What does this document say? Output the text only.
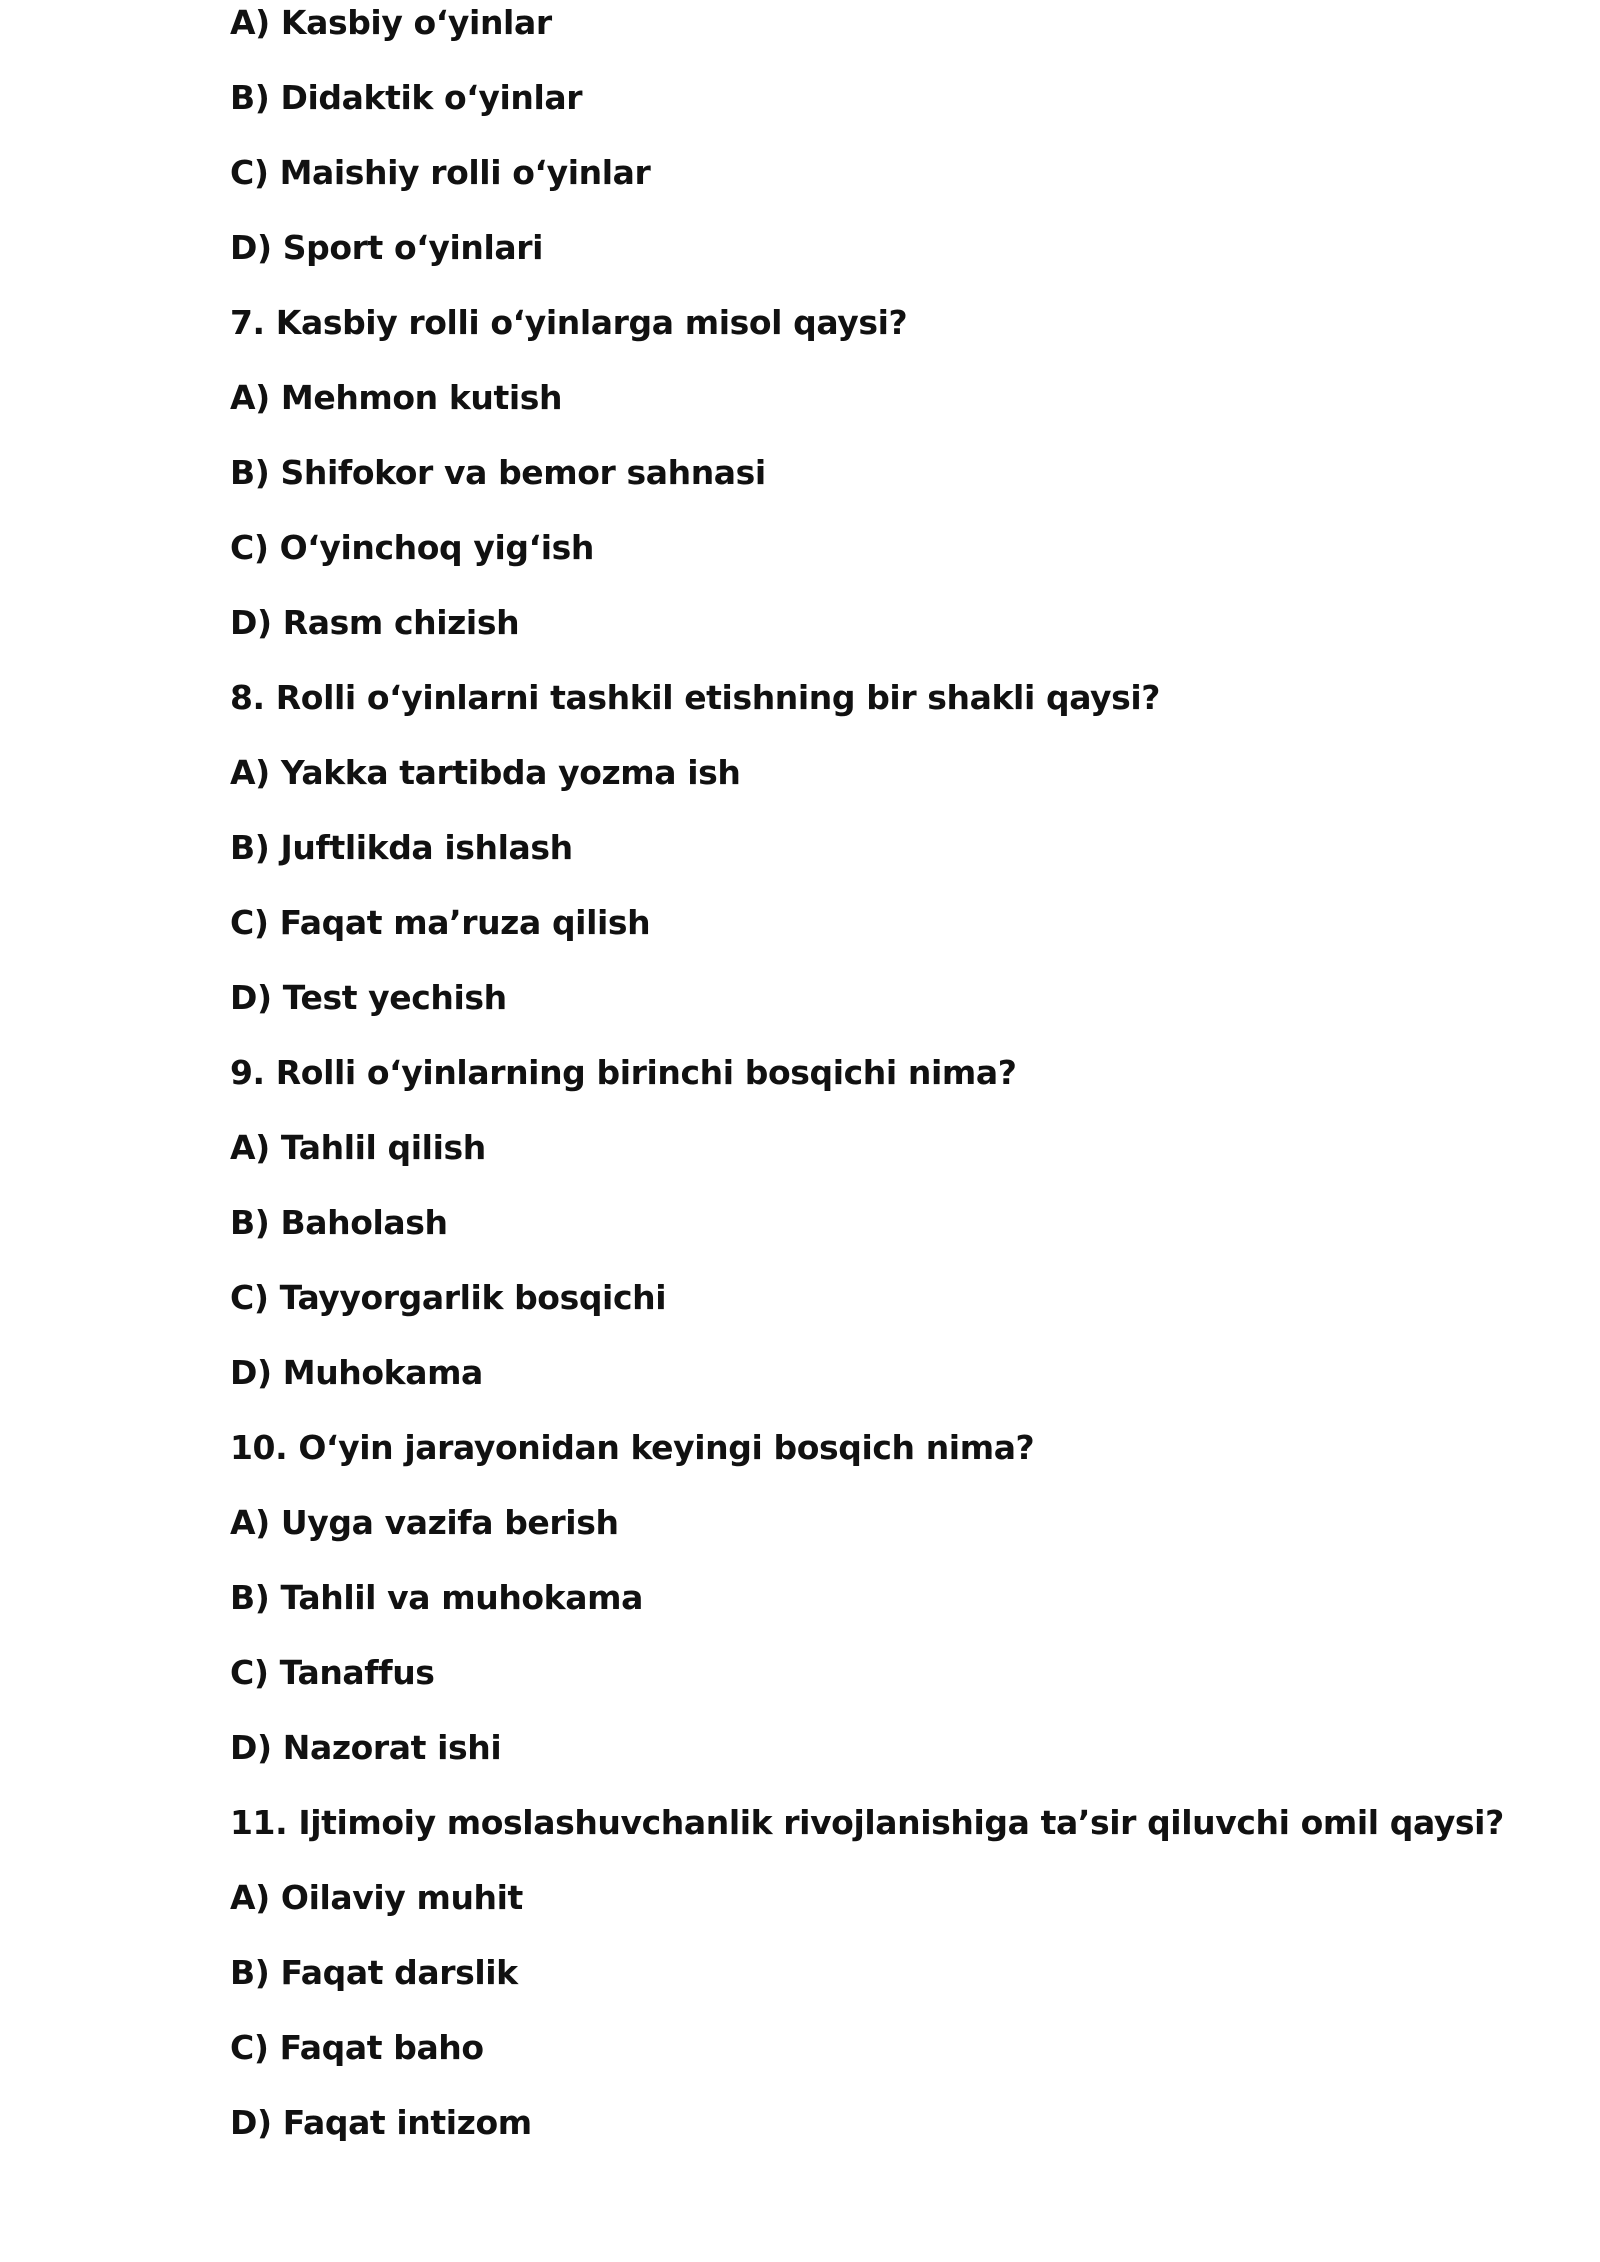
A) Kasbiy o‘yinlar

B) Didaktik o‘yinlar

C) Maishiy rolli o‘yinlar

D) Sport o‘yinlari

7. Kasbiy rolli o‘yinlarga misol qaysi?

A) Mehmon kutish

B) Shifokor va bemor sahnasi

C) O‘yinchoq yig‘ish

D) Rasm chizish

8. Rolli o‘yinlarni tashkil etishning bir shakli qaysi?

A) Yakka tartibda yozma ish

B) Juftlikda ishlash

C) Faqat ma’ruza qilish

D) Test yechish

9. Rolli o‘yinlarning birinchi bosqichi nima?

A) Tahlil qilish

B) Baholash

C) Tayyorgarlik bosqichi

D) Muhokama

10. O‘yin jarayonidan keyingi bosqich nima?

A) Uyga vazifa berish

B) Tahlil va muhokama

C) Tanaffus

D) Nazorat ishi

11. Ijtimoiy moslashuvchanlik rivojlanishiga ta’sir qiluvchi omil qaysi?

A) Oilaviy muhit

B) Faqat darslik

C) Faqat baho

D) Faqat intizom
